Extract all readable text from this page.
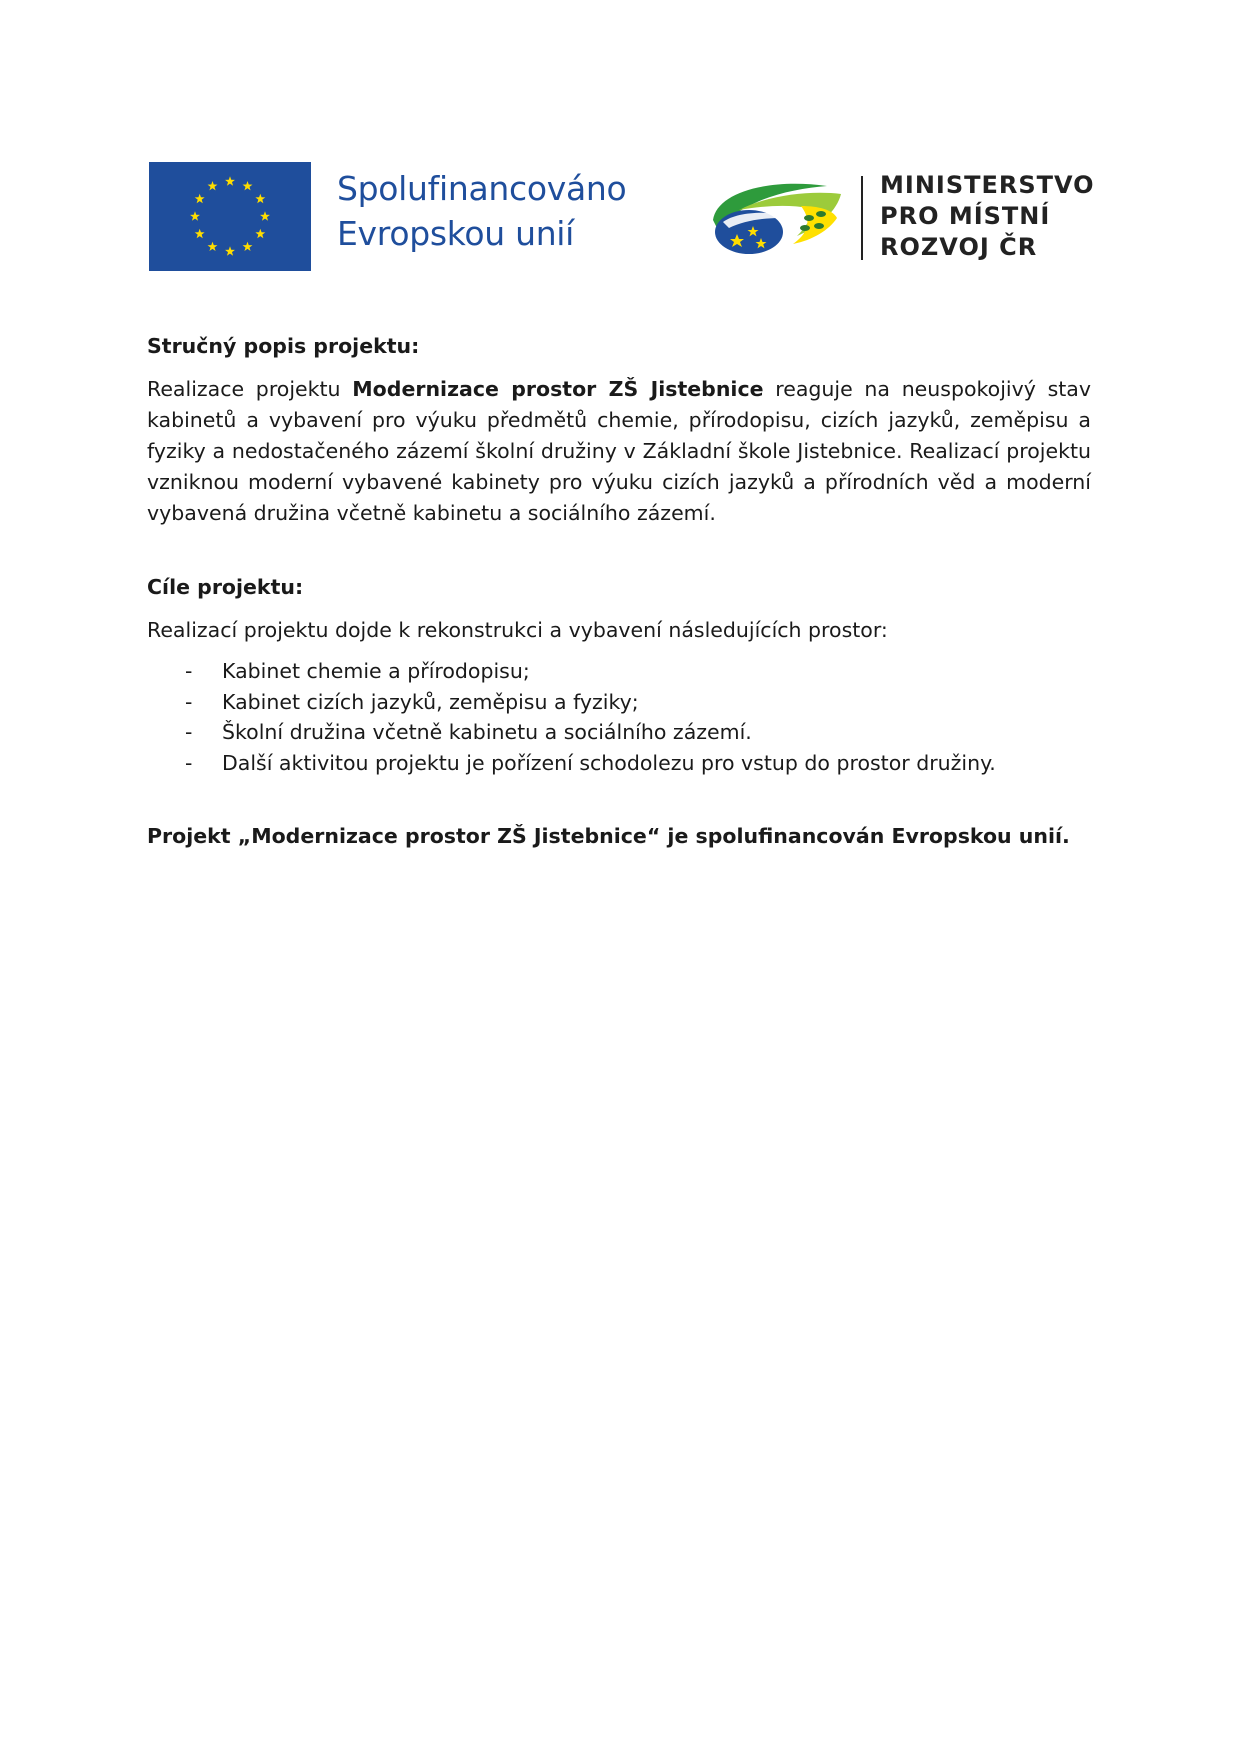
Spolufinancováno
Evropskou unií
MINISTERSTVO
PRO MÍSTNÍ
ROZVOJ ČR

Stručný popis projektu:

Realizace projektu Modernizace prostor ZŠ Jistebnice reaguje na neuspokojivý stav kabinetů a vybavení pro výuku předmětů chemie, přírodopisu, cizích jazyků, zeměpisu a fyziky a nedostačeného zázemí školní družiny v Základní škole Jistebnice. Realizací projektu vzniknou moderní vybavené kabinety pro výuku cizích jazyků a přírodních věd a moderní vybavená družina včetně kabinetu a sociálního zázemí.

Cíle projektu:

Realizací projektu dojde k rekonstrukci a vybavení následujících prostor:

- Kabinet chemie a přírodopisu;
- Kabinet cizích jazyků, zeměpisu a fyziky;
- Školní družina včetně kabinetu a sociálního zázemí.
- Další aktivitou projektu je pořízení schodolezu pro vstup do prostor družiny.

Projekt „Modernizace prostor ZŠ Jistebnice“ je spolufinancován Evropskou unií.
